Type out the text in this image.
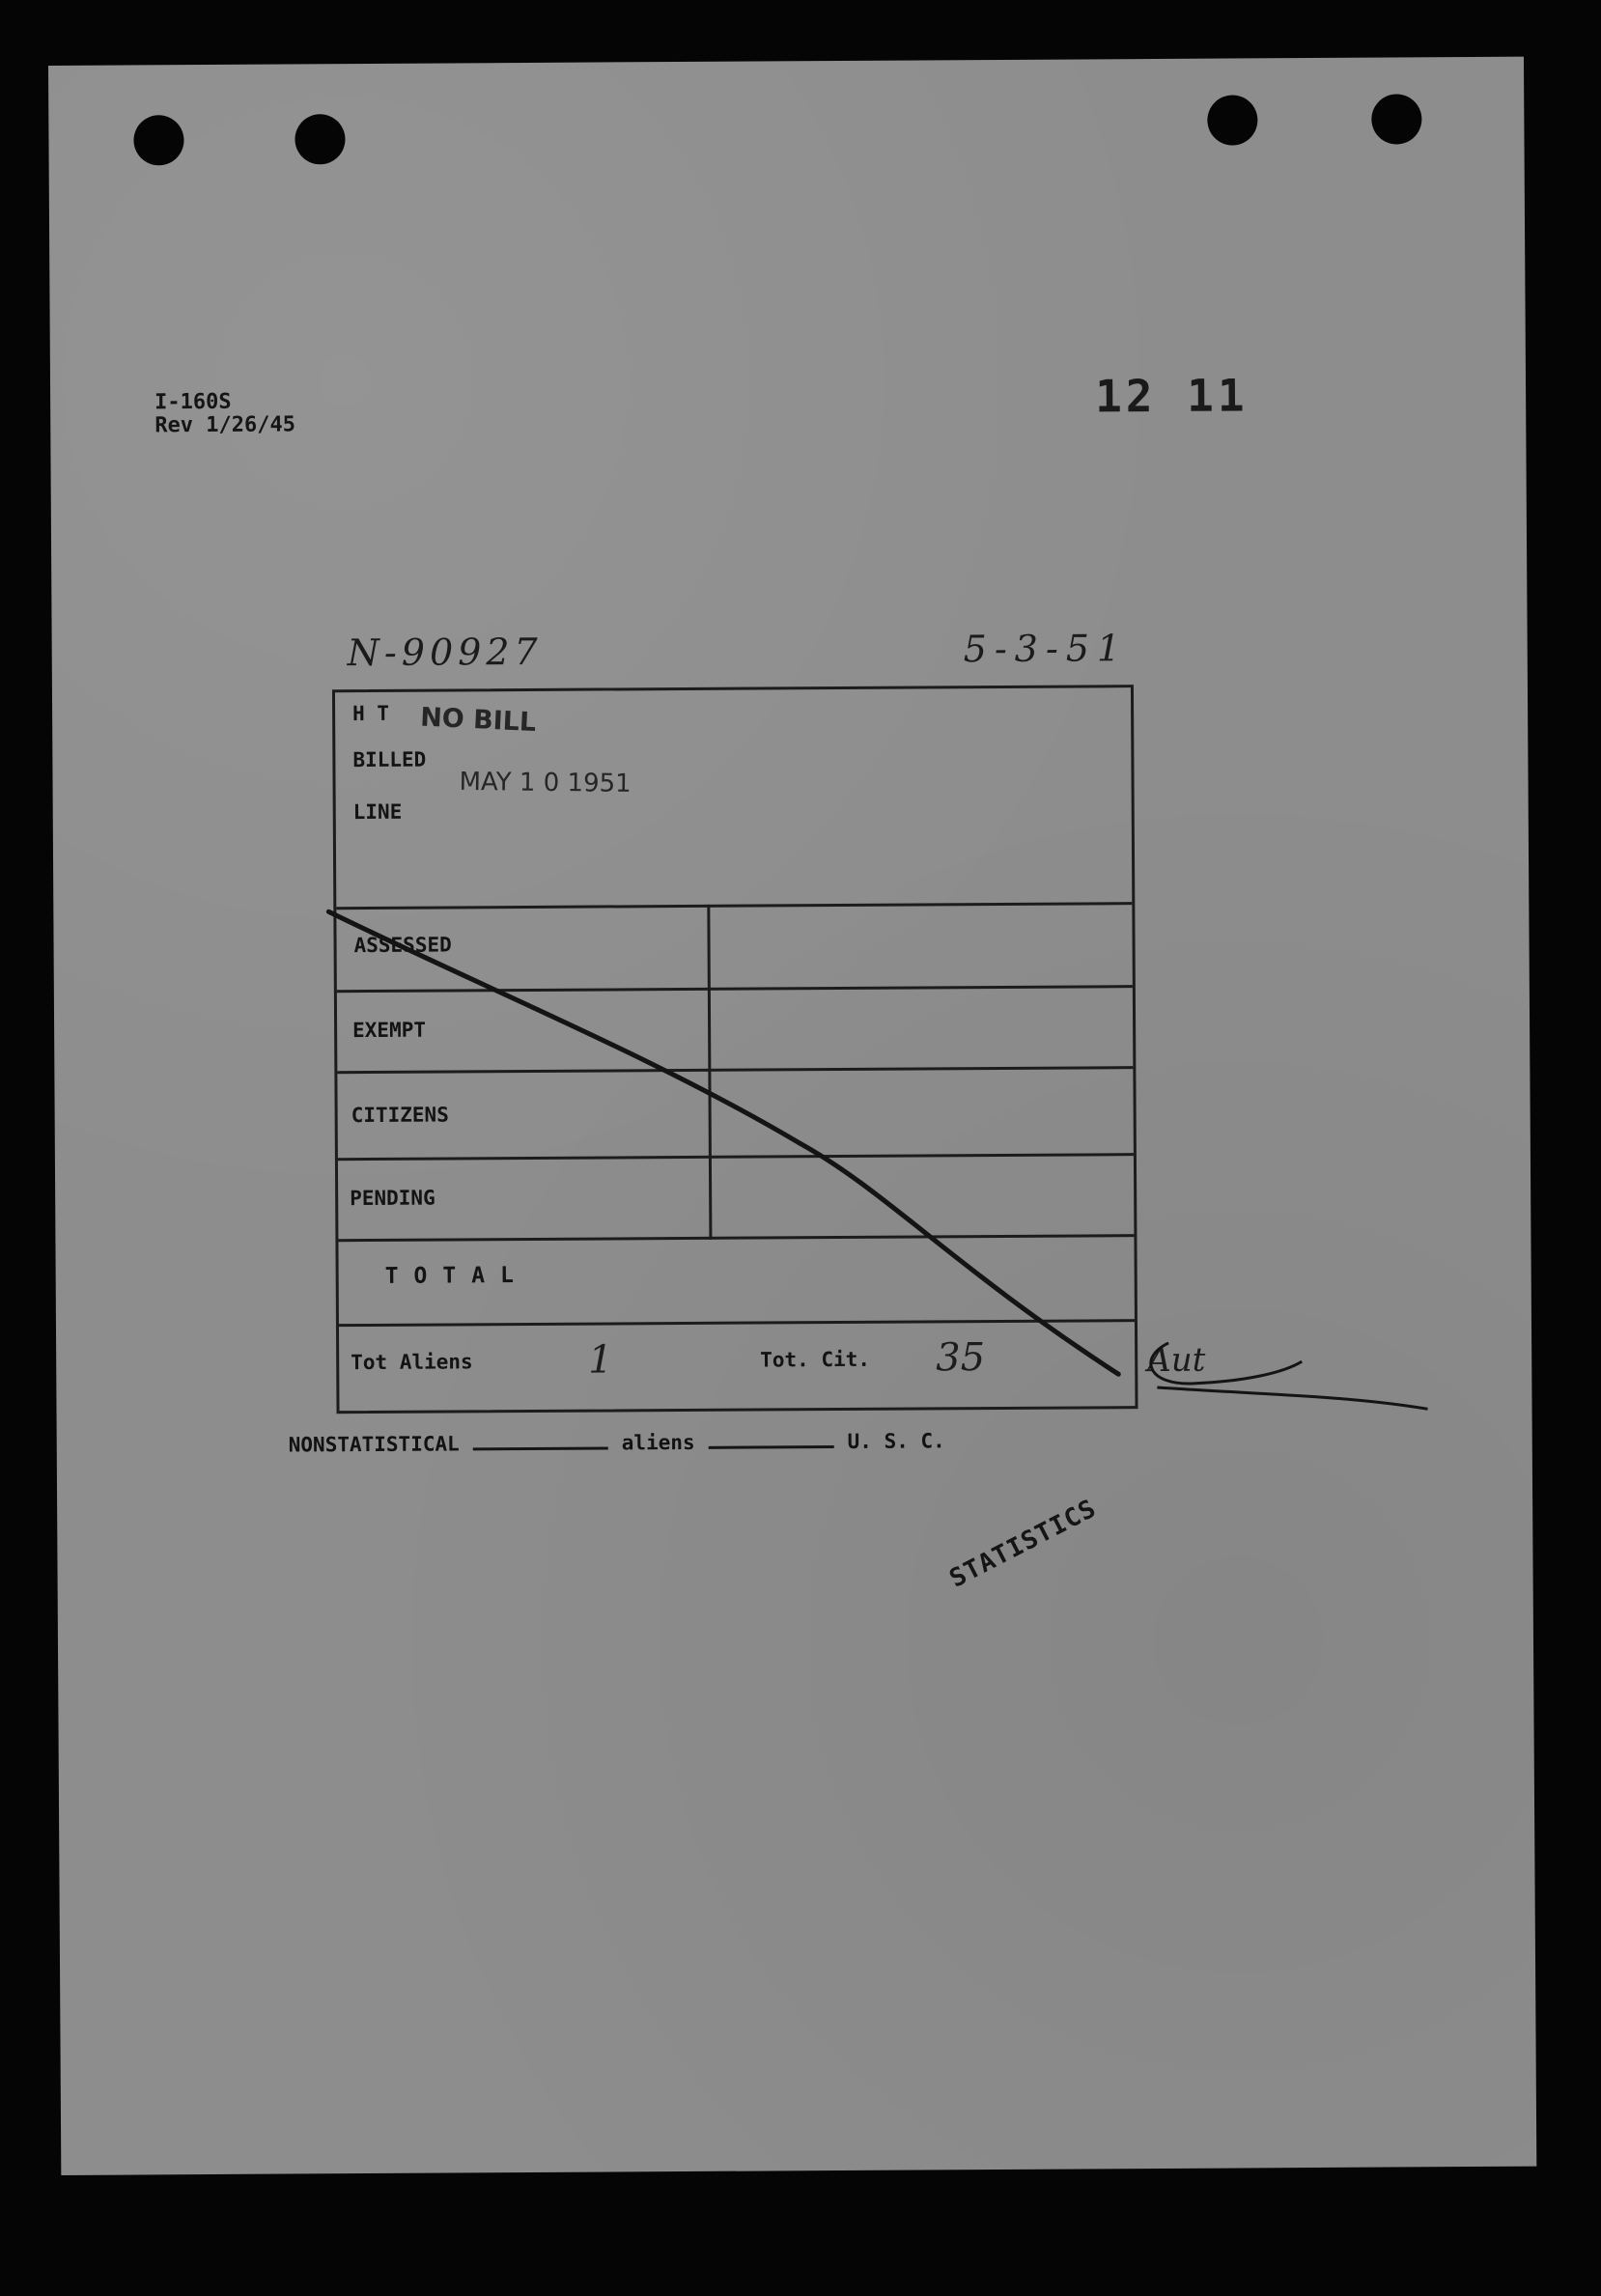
I-160S
Rev 1/26/45
12 11
N-90927	5-3-51
H T NO BILL
BILLED
MAY 1 0 1951
LINE
ASSESSED
EXEMPT
CITIZENS
PENDING
TOTAL
Tot Aliens	1	Tot. Cit. 35	Aut
NONSTATISTICAL	aliens	U. S. C.
STATISTICS
